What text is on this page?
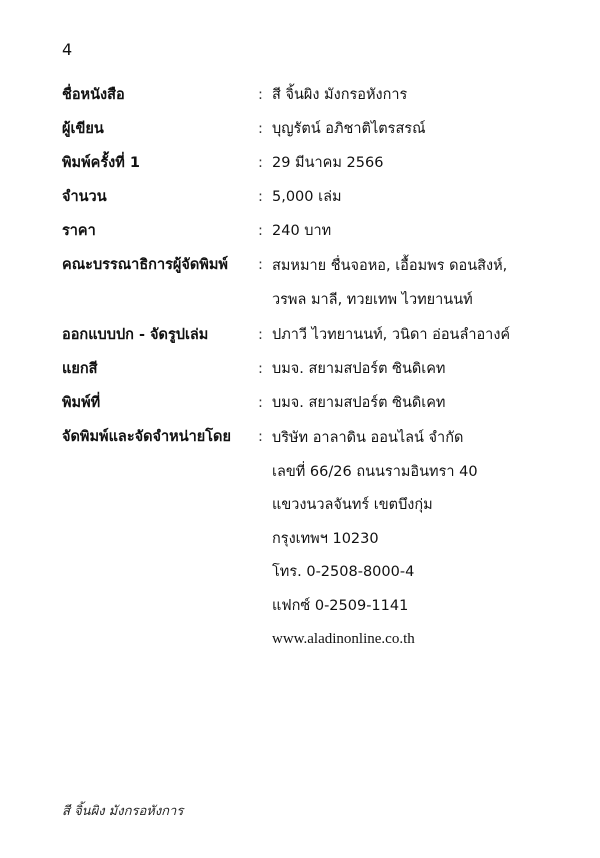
4
ชื่อหนังสือ	: สี จิ้นผิง มังกรอหังการ
ผู้เขียน	: บุญรัตน์ อภิชาติไตรสรณ์
พิมพ์ครั้งที่ 1	: 29 มีนาคม 2566
จำนวน	: 5,000 เล่ม
ราคา	: 240 บาท
คณะบรรณาธิการผู้จัดพิมพ์	: สมหมาย ชื่นจอหอ, เอื้อมพร ดอนสิงห์,
วรพล มาลี, ทวยเทพ ไวทยานนท์
ออกแบบปก - จัดรูปเล่ม	: ปภาวี ไวทยานนท์, วนิดา อ่อนลำอางค์
แยกสี	: บมจ. สยามสปอร์ต ซินดิเคท
พิมพ์ที่	: บมจ. สยามสปอร์ต ซินดิเคท
จัดพิมพ์และจัดจำหน่ายโดย	: บริษัท อาลาดิน ออนไลน์ จำกัด
เลขที่ 66/26 ถนนรามอินทรา 40
แขวงนวลจันทร์ เขตบึงกุ่ม
กรุงเทพฯ 10230
โทร. 0-2508-8000-4
แฟกซ์ 0-2509-1141
www.aladinonline.co.th
สี จิ้นผิง มังกรอหังการ
